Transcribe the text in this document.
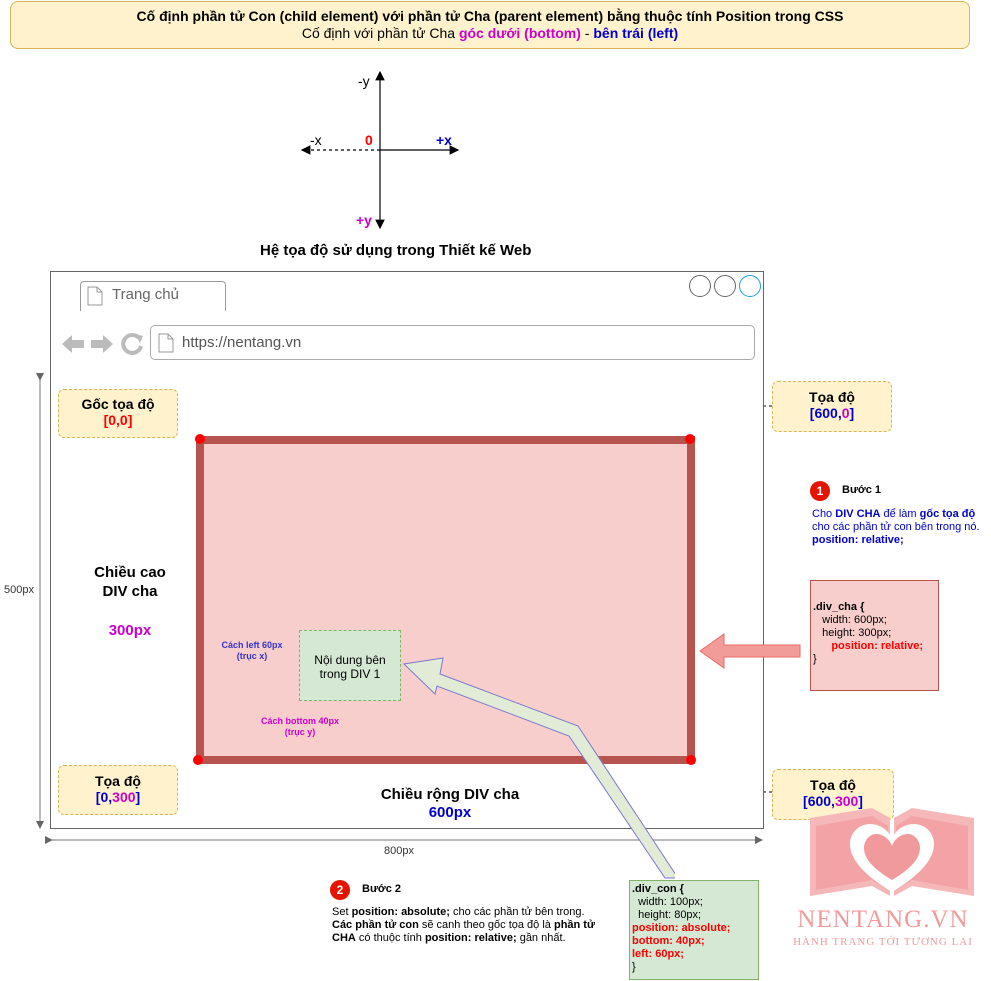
Cố định phần tử Con (child element) với phần tử Cha (parent element) bằng thuộc tính Position trong CSS
Cố định với phần tử Cha góc dưới (bottom) - bên trái (left)
-y
-x	0	+x
+y
Hệ tọa độ sử dụng trong Thiết kế Web
Trang chủ
https://nentang.vn
500px
800px
Chiều cao
DIV cha
300px
Chiều rộng DIV cha
600px
Gốc tọa độ
[0,0]
Tọa độ
[600,0]
Tọa độ
[0,300]
Tọa độ
[600,300]
Nội dung bên trong DIV 1
Cách left 60px
(trục x)
Cách bottom 40px
(trục y)
1	Bước 1
Cho DIV CHA để làm gốc tọa độ cho các phần tử con bên trong nó.
position: relative;
.div_cha {
width: 600px;
height: 300px;
position: relative;
}
2	Bước 2
Set position: absolute; cho các phần tử bên trong.
Các phần tử con sẽ canh theo gốc tọa độ là phần tử
CHA có thuộc tính position: relative; gần nhất.
.div_con {
width: 100px;
height: 80px;
position: absolute;
bottom: 40px;
left: 60px;
}
NENTANG.VN
HÀNH TRANG TỚI TƯƠNG LAI
